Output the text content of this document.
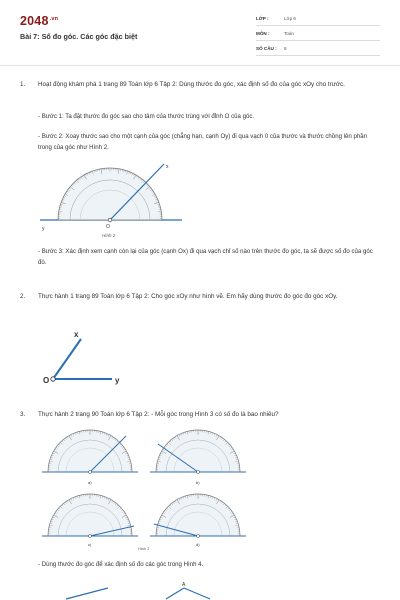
$2048^{.vn}$
Bài 7: Số đo góc. Các góc đặc biệt
LỚP :	Lớp 6
MÔN :	Toán
SỐ CÂU : 8
1. Hoạt động khám phá 1 trang 89 Toán lớp 6 Tập 2: Dùng thước đo góc, xác định số đo của góc xOy cho trước.
- Bước 1: Ta đặt thước đo góc sao cho tâm của thước trùng với đỉnh O của góc.
- Bước 2: Xoay thước sao cho một cạnh của góc (chẳng hạn, cạnh Oy) đi qua vạch 0 của thước và thước chồng lên phần trong của góc như Hình 2.
O
y
x
Hình 2
- Bước 3: Xác định xem cạnh còn lại của góc (cạnh Ox) đi qua vạch chỉ số nào trên thước đo góc, ta sẽ được số đo của góc đó.
2. Thực hành 1 trang 89 Toán lớp 6 Tập 2: Cho góc xOy như hình vẽ. Em hãy dùng thước đo góc đo góc xOy.
O
x
y
3. Thực hành 2 trang 90 Toán lớp 6 Tập 2: - Mỗi góc trong Hình 3 có số đo là bao nhiêu?
a)	b)
c)	d)
Hình 3
- Dùng thước đo góc để xác định số đo các góc trong Hình 4.
A
